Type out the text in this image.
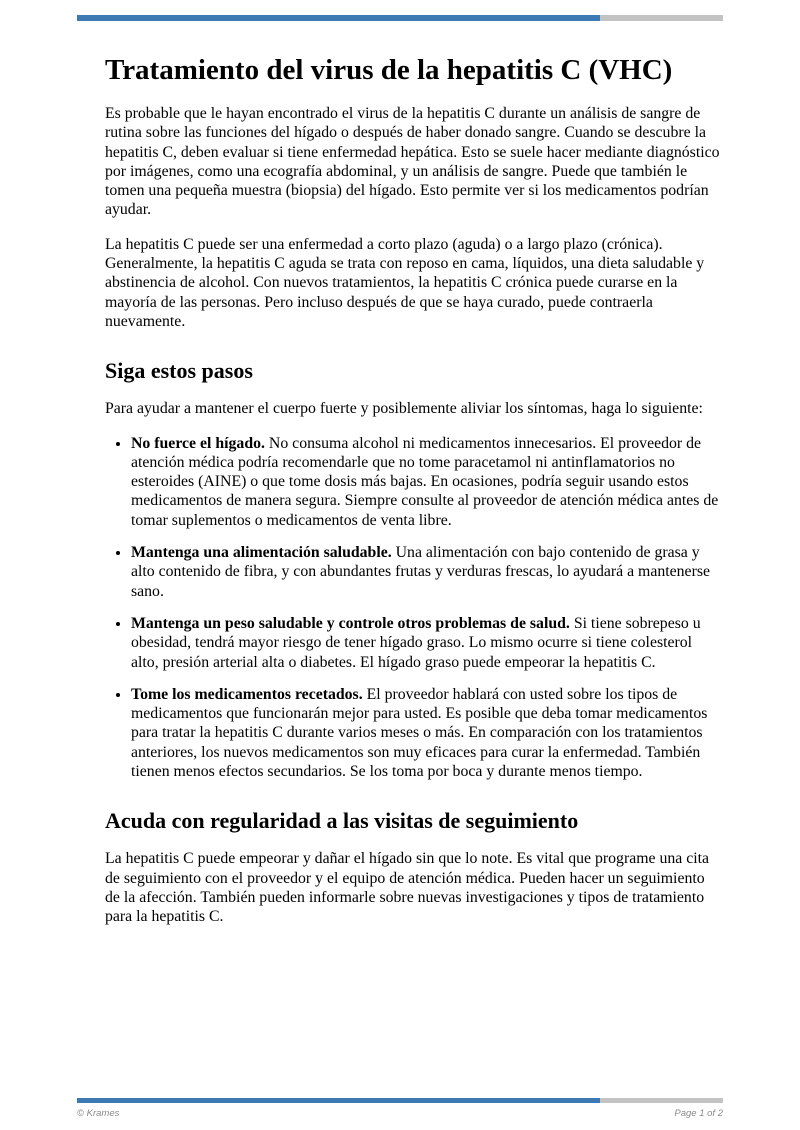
Tratamiento del virus de la hepatitis C (VHC)

Es probable que le hayan encontrado el virus de la hepatitis C durante un análisis de sangre de rutina sobre las funciones del hígado o después de haber donado sangre. Cuando se descubre la hepatitis C, deben evaluar si tiene enfermedad hepática. Esto se suele hacer mediante diagnóstico por imágenes, como una ecografía abdominal, y un análisis de sangre. Puede que también le tomen una pequeña muestra (biopsia) del hígado. Esto permite ver si los medicamentos podrían ayudar.

La hepatitis C puede ser una enfermedad a corto plazo (aguda) o a largo plazo (crónica). Generalmente, la hepatitis C aguda se trata con reposo en cama, líquidos, una dieta saludable y abstinencia de alcohol. Con nuevos tratamientos, la hepatitis C crónica puede curarse en la mayoría de las personas. Pero incluso después de que se haya curado, puede contraerla nuevamente.

Siga estos pasos

Para ayudar a mantener el cuerpo fuerte y posiblemente aliviar los síntomas, haga lo siguiente:

• No fuerce el hígado. No consuma alcohol ni medicamentos innecesarios. El proveedor de atención médica podría recomendarle que no tome paracetamol ni antinflamatorios no esteroides (AINE) o que tome dosis más bajas. En ocasiones, podría seguir usando estos medicamentos de manera segura. Siempre consulte al proveedor de atención médica antes de tomar suplementos o medicamentos de venta libre.
• Mantenga una alimentación saludable. Una alimentación con bajo contenido de grasa y alto contenido de fibra, y con abundantes frutas y verduras frescas, lo ayudará a mantenerse sano.
• Mantenga un peso saludable y controle otros problemas de salud. Si tiene sobrepeso u obesidad, tendrá mayor riesgo de tener hígado graso. Lo mismo ocurre si tiene colesterol alto, presión arterial alta o diabetes. El hígado graso puede empeorar la hepatitis C.
• Tome los medicamentos recetados. El proveedor hablará con usted sobre los tipos de medicamentos que funcionarán mejor para usted. Es posible que deba tomar medicamentos para tratar la hepatitis C durante varios meses o más. En comparación con los tratamientos anteriores, los nuevos medicamentos son muy eficaces para curar la enfermedad. También tienen menos efectos secundarios. Se los toma por boca y durante menos tiempo.
Acuda con regularidad a las visitas de seguimiento

La hepatitis C puede empeorar y dañar el hígado sin que lo note. Es vital que programe una cita de seguimiento con el proveedor y el equipo de atención médica. Pueden hacer un seguimiento de la afección. También pueden informarle sobre nuevas investigaciones y tipos de tratamiento para la hepatitis C.

© Krames	Page 1 of 2
